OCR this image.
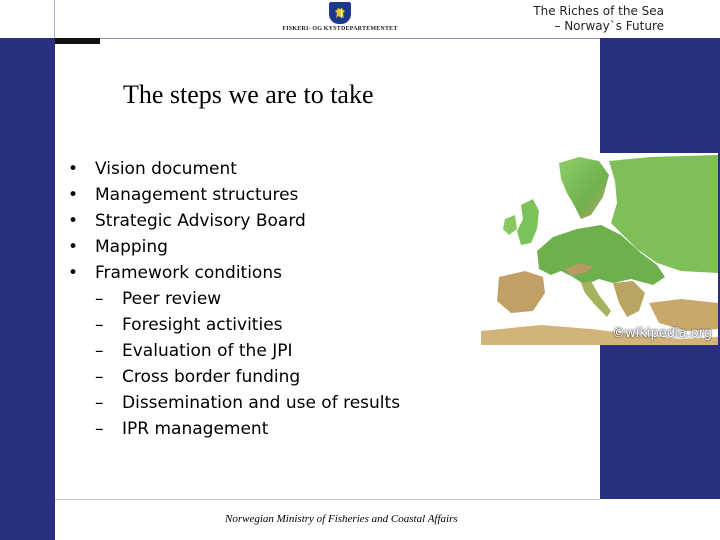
FISKERI- OG KYSTDEPARTEMENTET
The Riches of the Sea
– Norway`s Future
The steps we are to take
• Vision document
• Management structures
• Strategic Advisory Board
• Mapping
• Framework conditions
– Peer review
– Foresight activities
– Evaluation of the JPI
– Cross border funding
– Dissemination and use of results
– IPR management
©wikipedia.org
Norwegian Ministry of Fisheries and Coastal Affairs
